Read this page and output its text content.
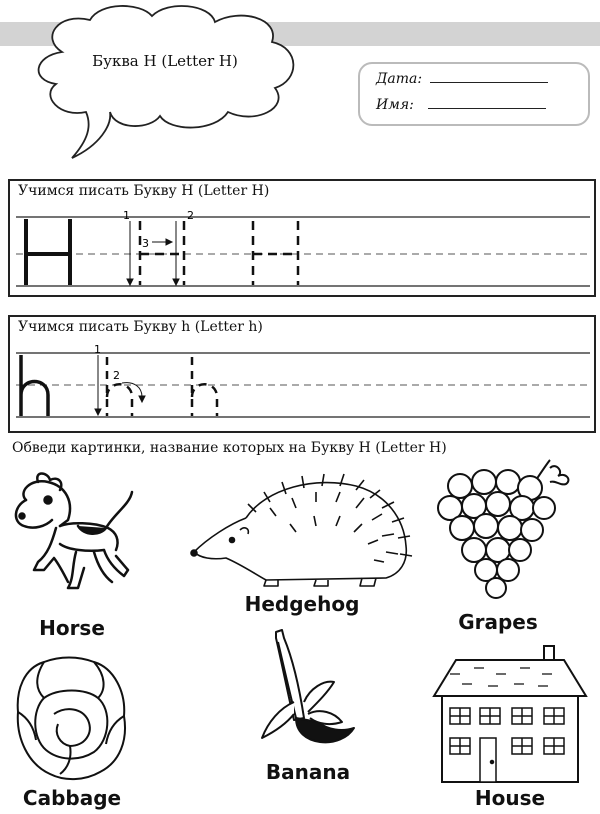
Буква H (Letter H)
Дата:
Имя:
Учимся писать Букву H (Letter H)
1	2
3
Учимся писать Букву h (Letter h)
1
2
Обведи картинки, название которых на Букву H (Letter H)
Horse
Hedgehog
Grapes
Cabbage
Banana
House
